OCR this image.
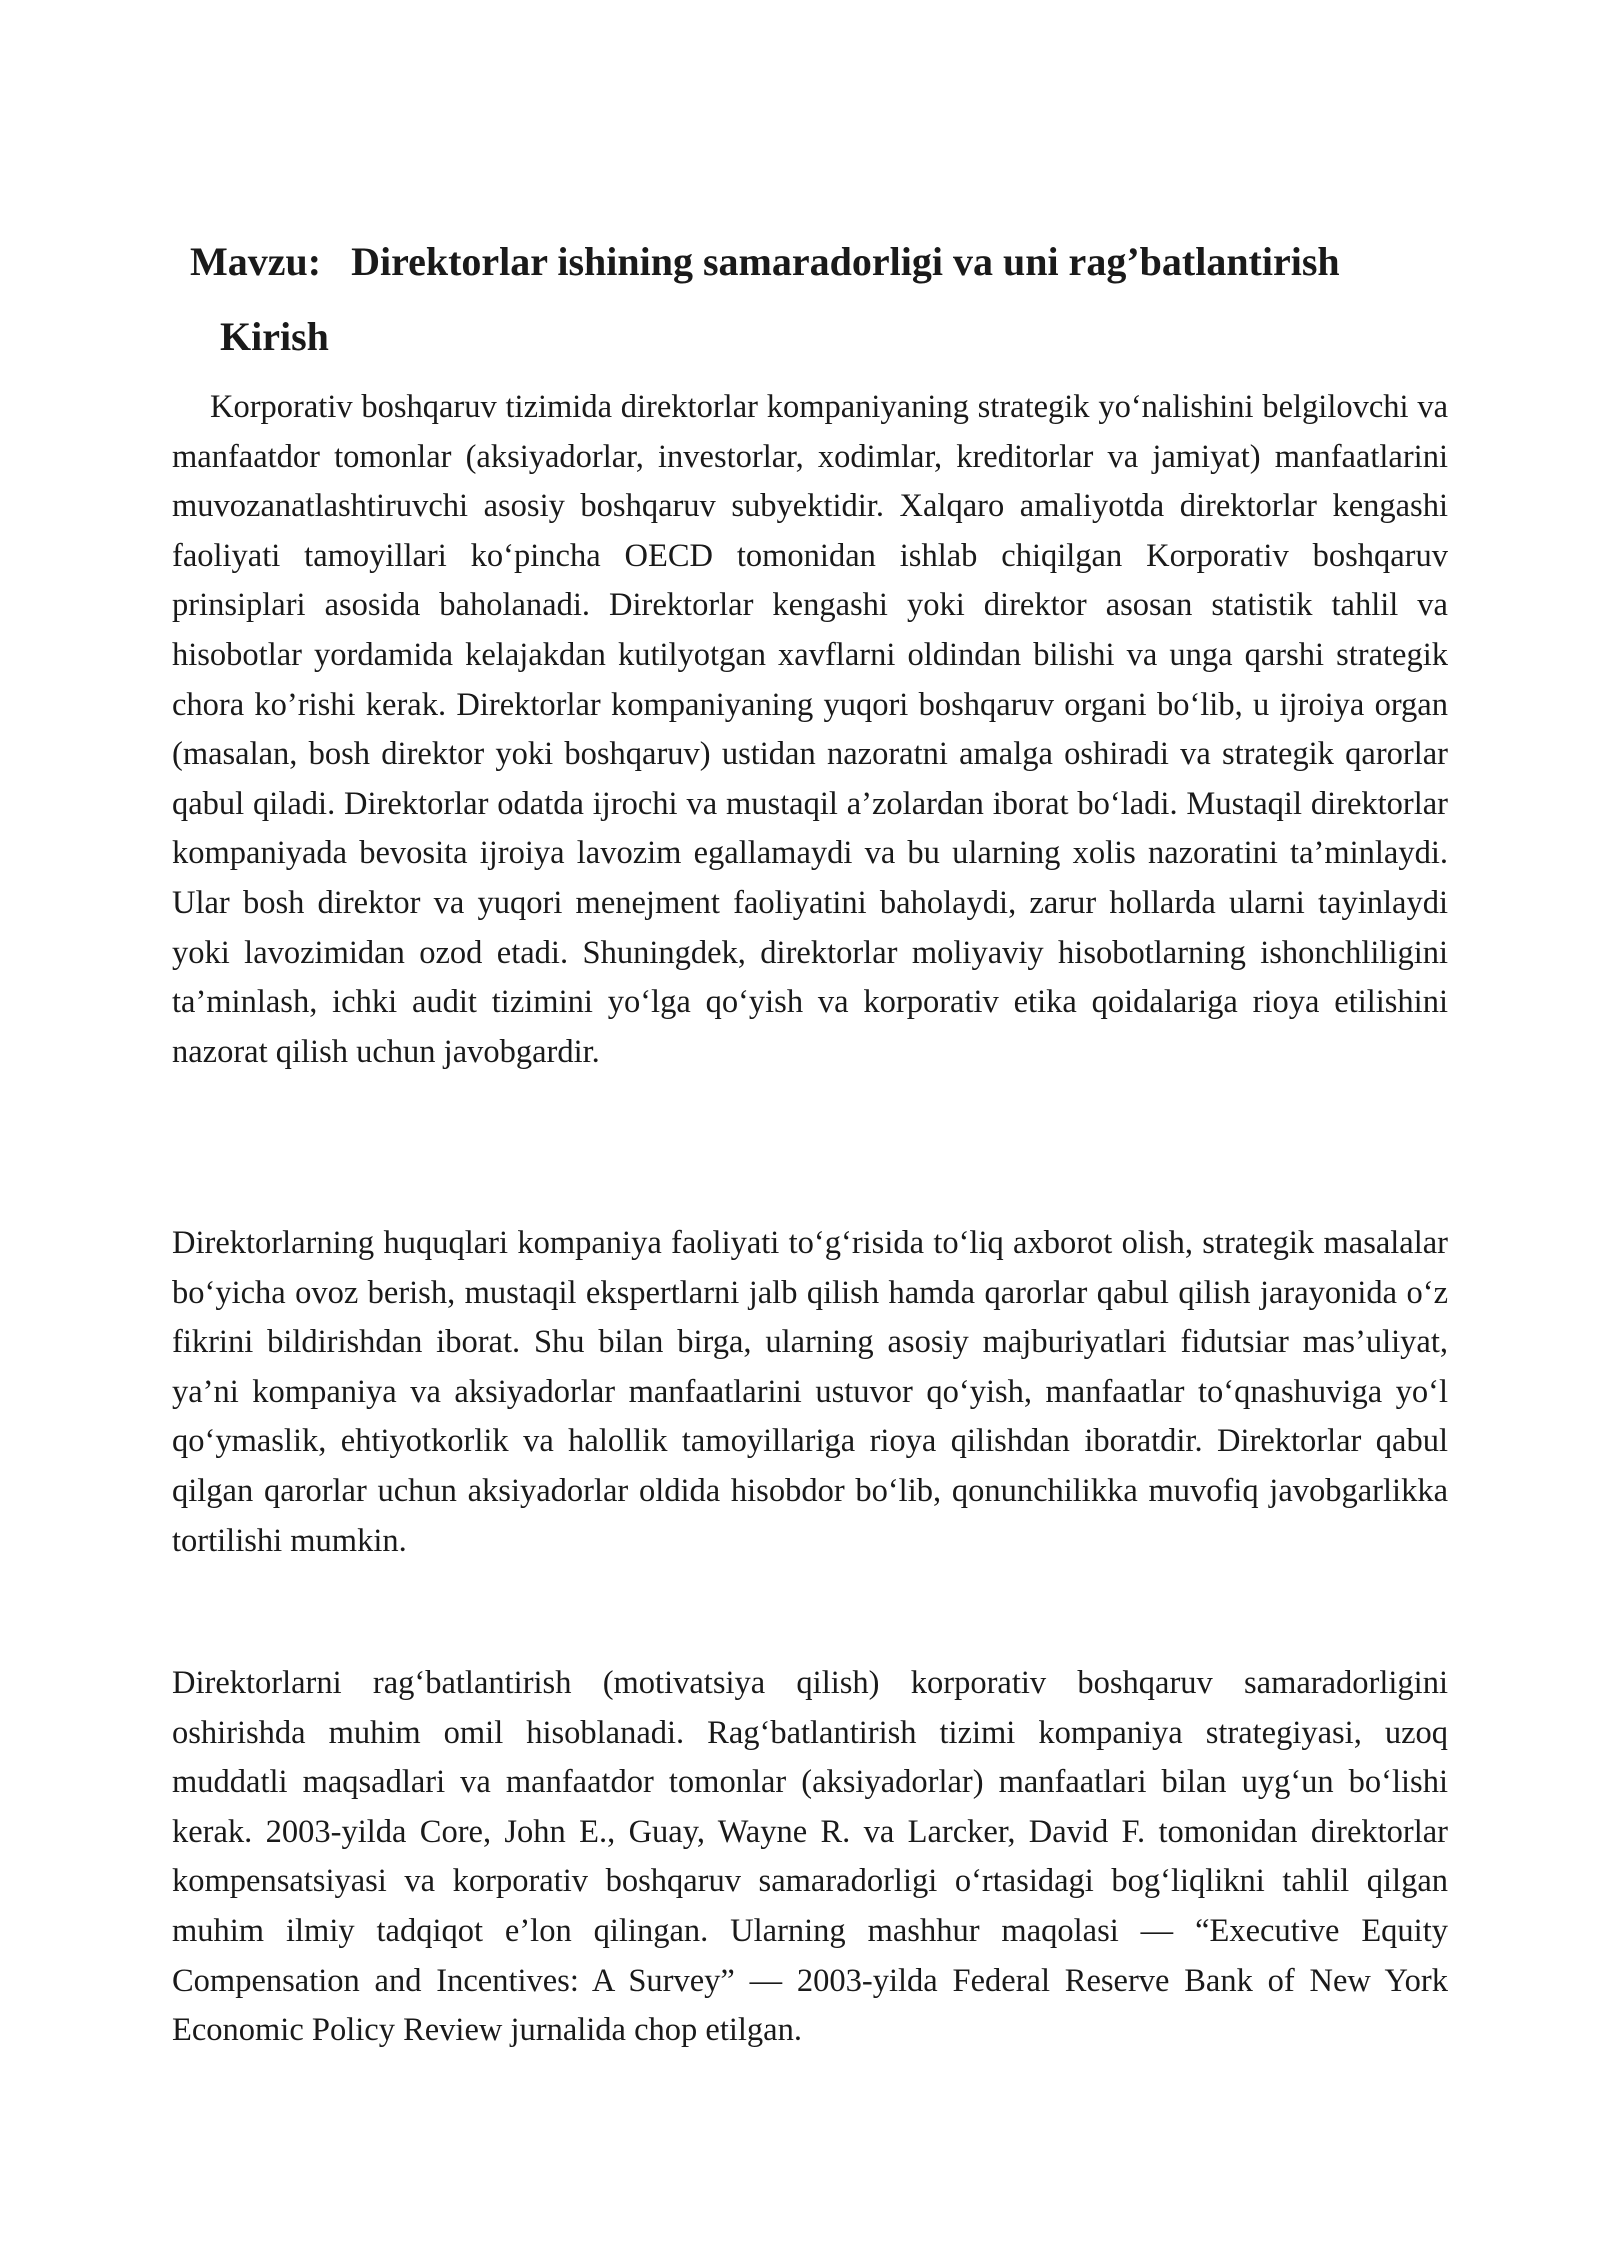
Mavzu: Direktorlar ishining samaradorligi va uni rag’batlantirish
Kirish

Korporativ boshqaruv tizimida direktorlar kompaniyaning strategik yo‘nalishini belgilovchi va manfaatdor tomonlar (aksiyadorlar, investorlar, xodimlar, kreditorlar va jamiyat) manfaatlarini muvozanatlashtiruvchi asosiy boshqaruv subyektidir. Xalqaro amaliyotda direktorlar kengashi faoliyati tamoyillari ko‘pincha OECD tomonidan ishlab chiqilgan Korporativ boshqaruv prinsiplari asosida baholanadi. Direktorlar kengashi yoki direktor asosan statistik tahlil va hisobotlar yordamida kelajakdan kutilyotgan xavflarni oldindan bilishi va unga qarshi strategik chora ko’rishi kerak. Direktorlar kompaniyaning yuqori boshqaruv organi bo‘lib, u ijroiya organ (masalan, bosh direktor yoki boshqaruv) ustidan nazoratni amalga oshiradi va strategik qarorlar qabul qiladi. Direktorlar odatda ijrochi va mustaqil a’zolardan iborat bo‘ladi. Mustaqil direktorlar kompaniyada bevosita ijroiya lavozim egallamaydi va bu ularning xolis nazoratini ta’minlaydi. Ular bosh direktor va yuqori menejment faoliyatini baholaydi, zarur hollarda ularni tayinlaydi yoki lavozimidan ozod etadi. Shuningdek, direktorlar moliyaviy hisobotlarning ishonchliligini ta’minlash, ichki audit tizimini yo‘lga qo‘yish va korporativ etika qoidalariga rioya etilishini nazorat qilish uchun javobgardir.

Direktorlarning huquqlari kompaniya faoliyati to‘g‘risida to‘liq axborot olish, strategik masalalar bo‘yicha ovoz berish, mustaqil ekspertlarni jalb qilish hamda qarorlar qabul qilish jarayonida o‘z fikrini bildirishdan iborat. Shu bilan birga, ularning asosiy majburiyatlari fidutsiar mas’uliyat, ya’ni kompaniya va aksiyadorlar manfaatlarini ustuvor qo‘yish, manfaatlar to‘qnashuviga yo‘l qo‘ymaslik, ehtiyotkorlik va halollik tamoyillariga rioya qilishdan iboratdir. Direktorlar qabul qilgan qarorlar uchun aksiyadorlar oldida hisobdor bo‘lib, qonunchilikka muvofiq javobgarlikka tortilishi mumkin.

Direktorlarni rag‘batlantirish (motivatsiya qilish) korporativ boshqaruv samaradorligini oshirishda muhim omil hisoblanadi. Rag‘batlantirish tizimi kompaniya strategiyasi, uzoq muddatli maqsadlari va manfaatdor tomonlar (aksiyadorlar) manfaatlari bilan uyg‘un bo‘lishi kerak. 2003-yilda Core, John E., Guay, Wayne R. va Larcker, David F. tomonidan direktorlar kompensatsiyasi va korporativ boshqaruv samaradorligi o‘rtasidagi bog‘liqlikni tahlil qilgan muhim ilmiy tadqiqot e’lon qilingan. Ularning mashhur maqolasi — “Executive Equity Compensation and Incentives: A Survey” — 2003-yilda Federal Reserve Bank of New York Economic Policy Review jurnalida chop etilgan.
